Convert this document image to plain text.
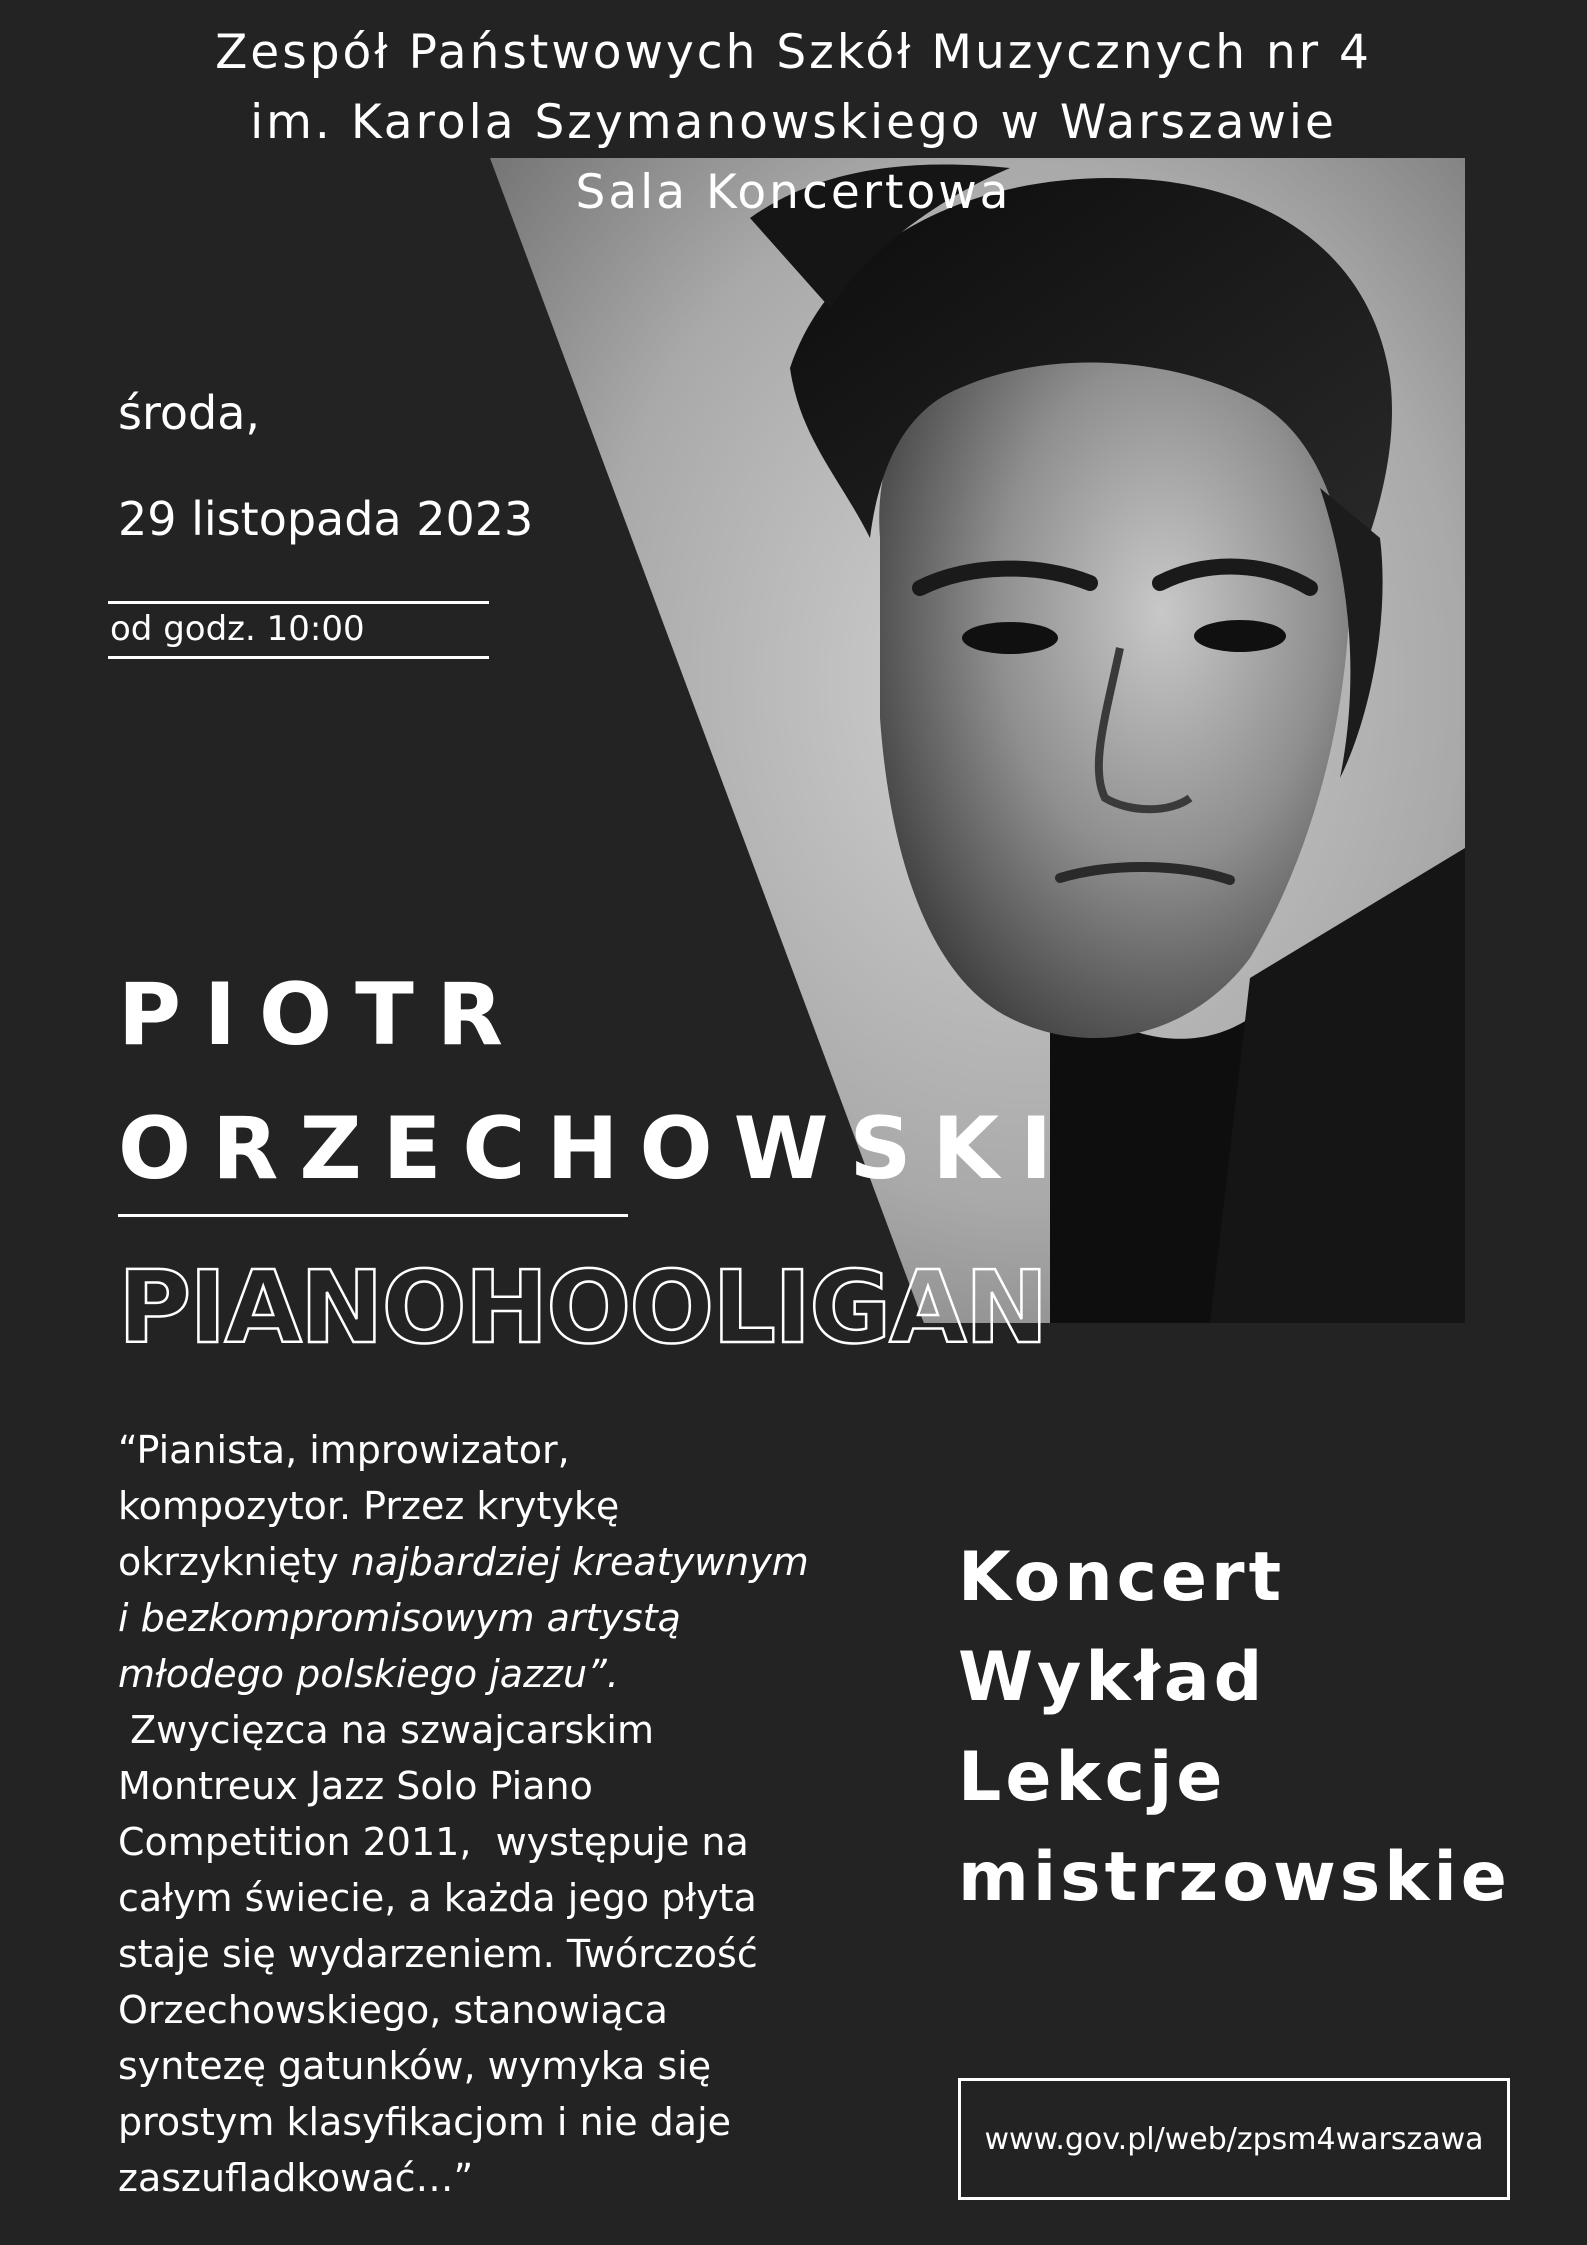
Zespół Państwowych Szkół Muzycznych nr 4
im. Karola Szymanowskiego w Warszawie
Sala Koncertowa
środa,
29 listopada 2023
od godz. 10:00
PIOTR
ORZECHOWSKI
PIANOHOOLIGAN
“Pianista, improwizator,
kompozytor. Przez krytykę
okrzyknięty najbardziej kreatywnym
i bezkompromisowym artystą
młodego polskiego jazzu”.
Zwycięzca na szwajcarskim
Montreux Jazz Solo Piano
Competition 2011,  występuje na
całym świecie, a każda jego płyta
staje się wydarzeniem. Twórczość
Orzechowskiego, stanowiąca
syntezę gatunków, wymyka się
prostym klasyfikacjom i nie daje
zaszufladkować…”
Koncert
Wykład
Lekcje
mistrzowskie
www.gov.pl/web/zpsm4warszawa
